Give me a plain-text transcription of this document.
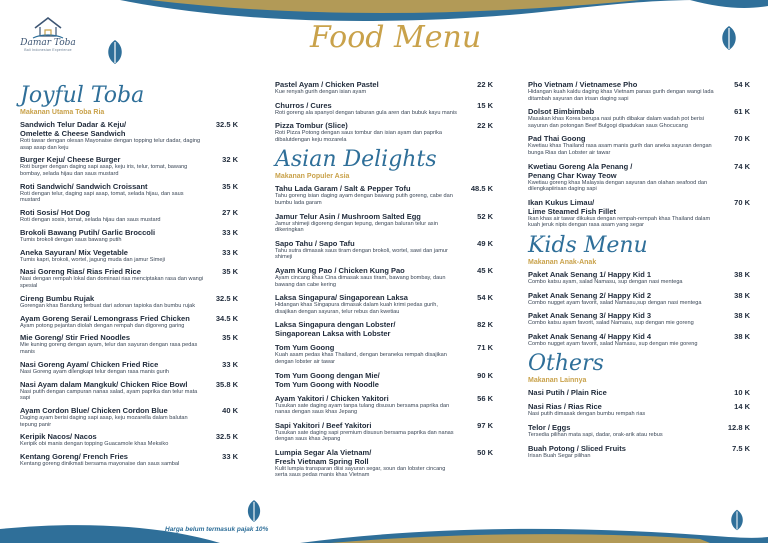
Damar Toba
Bali Indonesian Experience	Food Menu
Joyful Toba
Makanan Utama Toba Ria
Sandwich Telur Dadar & Keju/
Omelette & Cheese Sandwich
32.5 K
Roti tawar dengan olesan Mayonaise dengan topping telur dadar, daging asap asap dan keju
Burger Keju/ Cheese Burger	32 K
Roti burger dengan daging sapi asap, keju iris, telur, tomat, bawang bombay, selada hijau dan saus mustard
Roti Sandwich/ Sandwich Croissant	35 K
Roti dengan telur, daging sapi asap, tomat, selada hijau, dan saus mustard
Roti Sosis/ Hot Dog	27 K
Roti dengan sosis, tomat, selada hijau dan saus mustard
Brokoli Bawang Putih/ Garlic Broccoli	33 K
Tumis brokoli dengan saus bawang putih
Aneka Sayuran/ Mix Vegetable	33 K
Tumis kapri, brokoli, wortel, jagung muda dan jamur Simeji
Nasi Goreng Rias/ Rias Fried Rice	35 K
Nasi dengan rempah lokal dan dominasi rias menciptakan rasa dan wangi spesial
Cireng Bumbu Rujak	32.5 K
Gorengan khas Bandung terbuat dari adonan tapioka dan bumbu rujak
Ayam Goreng Serai/ Lemongrass Fried Chicken	34.5 K
Ayam potong pejantan diolah dengan rempah dan digoreng garing
Mie Goreng/ Stir Fried Noodles	35 K
Mie kuning goreng dengan ayam, telur dan sayuran dengan rasa pedas manis
Nasi Goreng Ayam/ Chicken Fried Rice	33 K
Nasi Goreng ayam dilengkapi telur dengan rasa manis gurih
Nasi Ayam dalam Mangkuk/ Chicken Rice Bowl	35.8 K
Nasi putih dengan campuran nanas salad, ayam paprika dan telur mata sapi
Ayam Cordon Blue/ Chicken Cordon Blue	40 K
Daging ayam berisi daging sapi asap, keju mozarella dalam balutan tepung panir
Keripik Nacos/ Nacos	32.5 K
Keripik obi manis dengan topping Guacamole khas Meksiko
Kentang Goreng/ French Fries	33 K
Kentang goreng dinikmati bersama mayonaise dan saus sambal
Pastel Ayam / Chicken Pastel	22 K
Kue renyah gurih dengan isian ayam
Churros / Cures	15 K
Roti goreng ala spanyol dengan taburan gula aren dan bubuk kayu manis
Pizza Tombur (Slice)	22 K
Roti Pizza Potong dengan saus tombur dan isian ayam dan paprika dibalutdengan keju mozarela
Asian Delights
Makanan Populer Asia
Tahu Lada Garam / Salt & Pepper Tofu	48.5 K
Tahu goreng isian daging ayam dengan bawang putih goreng, cabe dan bumbu lada garam
Jamur Telur Asin / Mushroom Salted Egg	52 K
Jamur shimeji digoreng dengan tepung, dengan baluran telur asin dikeringkan
Sapo Tahu / Sapo Tafu	49 K
Tahu sutra dimasak saus tiram dengan brokoli, wortel, sawi dan jamur shimeji
Ayam Kung Pao / Chicken Kung Pao	45 K
Ayam cincang khas Cina dimasak saus tiram, bawang bombay, daun bawang dan cabe kering
Laksa Singapura/ Singaporean Laksa	54 K
Hidangan khas Singapura dimasak dalam kuah krimi pedas gurih, disajikan dengan sayuran, telur rebus dan kwetiau
Laksa Singapura dengan Lobster/
Singaporean Laksa with Lobster
82 K
Tom Yum Goong	71 K
Kuah asam pedas khas Thailand, dengan beraneka rempah disajikan dengan lobster air tawar
Tom Yum Goong dengan Mie/
Tom Yum Goong with Noodle
90 K
Ayam Yakitori / Chicken Yakitori	56 K
Tusukan sate daging ayam tanpa tulang disusun bersama paprika dan nanas dengan saus khas Jepang
Sapi Yakitori / Beef Yakitori	97 K
Tusukan sate daging sapi premium disusun bersama paprika dan nanas dengan saus khas Jepang
Lumpia Segar Ala Vietnam/
Fresh Vietnam Spring Roll
50 K
Kulit lumpia transparan diisi sayuran segar, soun dan lobster cincang serta saus pedas manis khas Vietnam
Pho Vietnam / Vietnamese Pho	54 K
Hidangan kuah kaldu daging khas Vietnam panas gurih dengan wangi lada ditambah sayuran dan irisan daging sapi
Dolsot Bimbimbab	61 K
Masakan khas Korea berupa nasi putih dibakar dalam wadah pot berisi sayuran dan potongan Beef Bulgogi dipadukan saus Ghocucang
Pad Thai Goong	70 K
Kwetiau khas Thailand rasa asam manis gurih dan aneka sayuran dengan bunga Rias dan Lobster air tawar
Kwetiau Goreng Ala Penang /
Penang Char Kway Teow
74 K
Kwetiau goreng khas Malaysia dengan sayuran dan olahan seafood dan dilengkapiirisan daging sapi
Ikan Kukus Limau/
Lime Steamed Fish Fillet
70 K
Ikan khas air tawar dikukus dengan rempah-rempah khas Thailand dalam kuah jeruk nipis dengan rasa asam yang segar
Kids Menu
Makanan Anak-Anak
Paket Anak Senang 1/ Happy Kid 1	38 K
Combo katsu ayam, salad Namasu, sup dengan nasi mentega
Paket Anak Senang 2/ Happy Kid 2	38 K
Combo nugget ayam favorit, salad Namasu,sup dengan nasi mentega
Paket Anak Senang 3/ Happy Kid 3	38 K
Combo katsu ayam favorit, salad Namasu, sup dengan mie goreng
Paket Anak Senang 4/ Happy Kid 4	38 K
Combo nugget ayam favorit, salad Namasu, sup dengan mie goreng
Others
Makanan Lainnya
Nasi Putih / Plain Rice	10 K
Nasi Rias / Rias Rice	14 K
Nasi putih dimasak dengan bumbu rempah rias
Telor / Eggs	12.8 K
Tersedia pilihan mata sapi, dadar, orak-arik atau rebus
Buah Potong / Sliced Fruits	7.5 K
Irisan Buah Segar pilihan
Harga belum termasuk pajak 10%
